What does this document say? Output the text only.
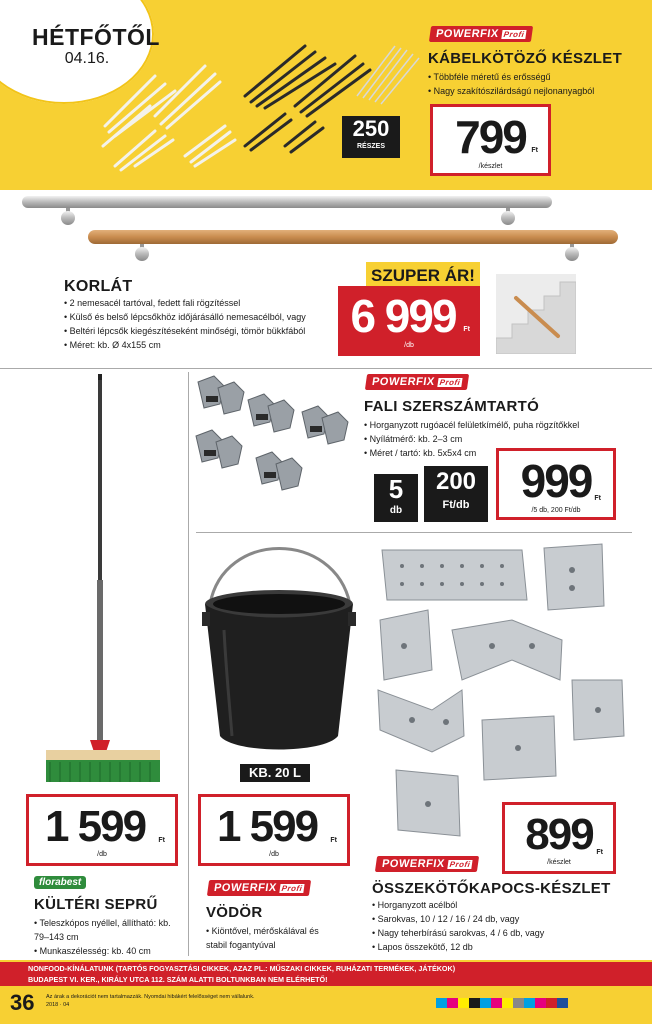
HÉTFŐTŐL
04.16.
250
RÉSZES
POWERFIX Profi
KÁBELKÖTÖZŐ KÉSZLET
• Többféle méretű és erősségű
• Nagy szakítószilárdságú nejlonanyagból
799 Ft
/készlet
KORLÁT
• 2 nemesacél tartóval, fedett fali rögzítéssel
• Külső és belső lépcsőkhöz időjárásálló nemesacélból, vagy
• Beltéri lépcsők kiegészítéseként minőségi, tömör bükkfából
• Méret: kb. Ø 4x155 cm
SZUPER ÁR!
6 999	Ft
/db
1 599	Ft
/db
florabest
KÜLTÉRI SEPRŰ
• Teleszkópos nyéllel, állítható: kb. 79–143 cm
• Munkaszélesség: kb. 40 cm
POWERFIX Profi
FALI SZERSZÁMTARTÓ
• Horganyzott rugóacél felületkímélő, puha rögzítőkkel
• Nyílátmérő: kb. 2–3 cm
• Méret / tartó: kb. 5x5x4 cm
5
db
200
Ft/db	999 Ft
/5 db, 200 Ft/db
KB. 20 L
1 599	Ft
/db
POWERFIX Profi
VÖDÖR
• Kiöntővel, mérőskálával és stabil fogantyúval
899 Ft
/készlet
POWERFIX Profi
ÖSSZEKÖTŐKAPOCS-KÉSZLET
• Horganyzott acélból
• Sarokvas, 10 / 12 / 16 / 24 db, vagy
• Nagy teherbírású sarokvas, 4 / 6 db, vagy
• Lapos összekötő, 12 db
NONFOOD-KÍNÁLATUNK (TARTÓS FOGYASZTÁSI CIKKEK, AZAZ PL.: MŰSZAKI CIKKEK, RUHÁZATI TERMÉKEK, JÁTÉKOK)
BUDAPEST VI. KER., KIRÁLY UTCA 112. SZÁM ALATTI BOLTUNKBAN NEM ELÉRHETŐ!
36 Az árak a dekorációt nem tartalmazzák. Nyomdai hibákért felelősséget nem vállalunk.
2018 · 04
